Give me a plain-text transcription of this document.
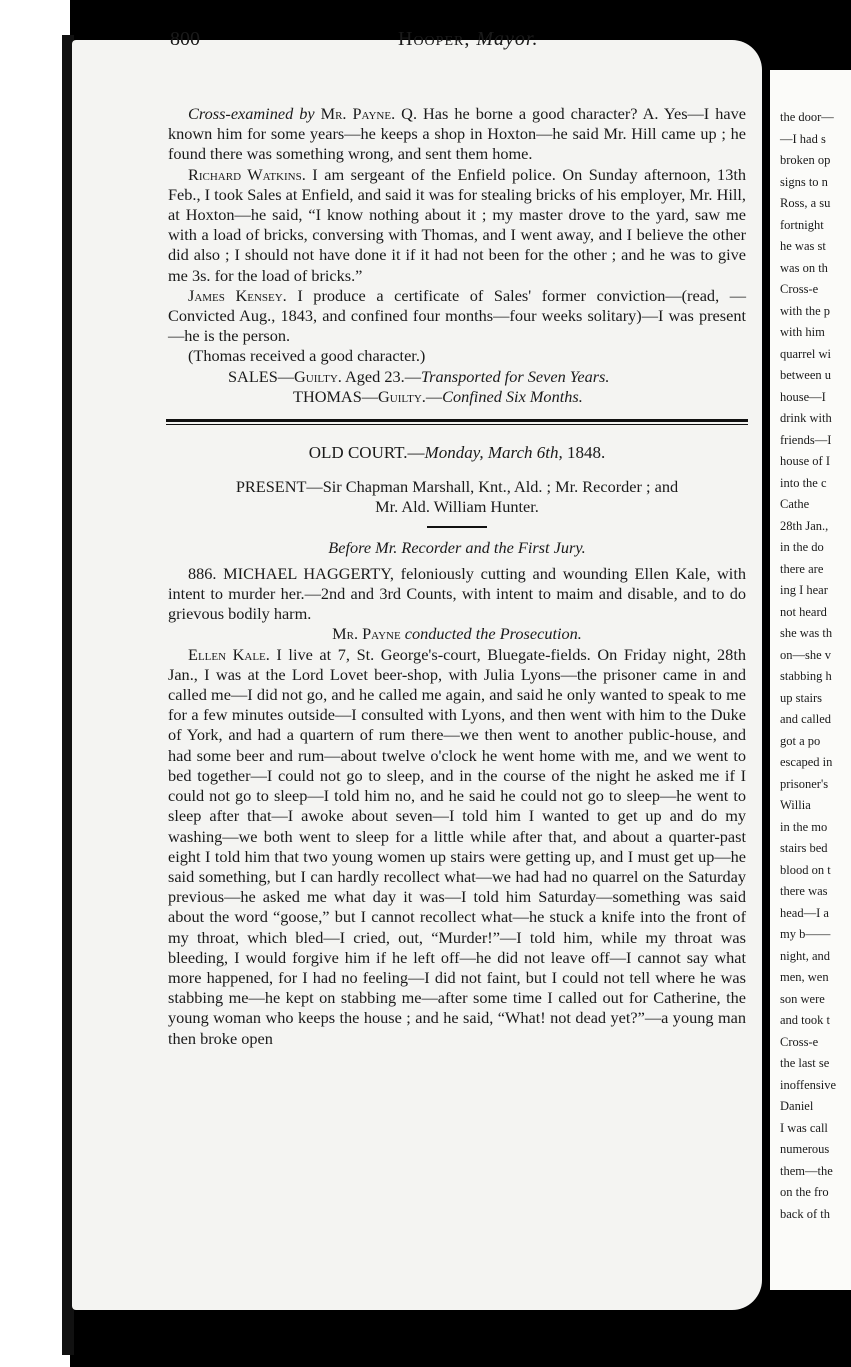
the door—
—I had s
broken op
signs to n
Ross, a su
fortnight
he was st
was on th
Cross-e
with the p
with him
quarrel wi
between u
house—I
drink with
friends—I
house of I
into the c
Cathe
28th Jan.,
in the do
there are
ing I hear
not heard
she was th
on—she v
stabbing h
up stairs
and called
got a po
escaped in
prisoner's
Willia
in the mo
stairs bed
blood on t
there was
head—I a
my b——
night, and
men, wen
son were
and took t
Cross-e
the last se
inoffensive
Daniel
I was call
numerous
them—the
on the fro
back of th
800	Hooper, Mayor.

Cross-examined by Mr. Payne. Q. Has he borne a good character? A. Yes—I have known him for some years—he keeps a shop in Hoxton—he said Mr. Hill came up ; he found there was something wrong, and sent them home.

Richard Watkins. I am sergeant of the Enfield police. On Sunday afternoon, 13th Feb., I took Sales at Enfield, and said it was for stealing bricks of his employer, Mr. Hill, at Hoxton—he said, “I know nothing about it ; my master drove to the yard, saw me with a load of bricks, conversing with Thomas, and I went away, and I believe the other did also ; I should not have done it if it had not been for the other ; and he was to give me 3s. for the load of bricks.”

James Kensey. I produce a certificate of Sales' former conviction—(read, —Convicted Aug., 1843, and confined four months—four weeks solitary)—I was present—he is the person.

(Thomas received a good character.)

SALES—Guilty. Aged 23.—Transported for Seven Years.

THOMAS—Guilty.—Confined Six Months.

OLD COURT.—Monday, March 6th, 1848.

PRESENT—Sir Chapman Marshall, Knt., Ald. ; Mr. Recorder ; and

Mr. Ald. William Hunter.

Before Mr. Recorder and the First Jury.

886. MICHAEL HAGGERTY, feloniously cutting and wounding Ellen Kale, with intent to murder her.—2nd and 3rd Counts, with intent to maim and disable, and to do grievous bodily harm.

Mr. Payne conducted the Prosecution.

Ellen Kale. I live at 7, St. George's-court, Bluegate-fields. On Friday night, 28th Jan., I was at the Lord Lovet beer-shop, with Julia Lyons—the prisoner came in and called me—I did not go, and he called me again, and said he only wanted to speak to me for a few minutes outside—I consulted with Lyons, and then went with him to the Duke of York, and had a quartern of rum there—we then went to another public-house, and had some beer and rum—about twelve o'clock he went home with me, and we went to bed together—I could not go to sleep, and in the course of the night he asked me if I could not go to sleep—I told him no, and he said he could not go to sleep—he went to sleep after that—I awoke about seven—I told him I wanted to get up and do my washing—we both went to sleep for a little while after that, and about a quarter-past eight I told him that two young women up stairs were getting up, and I must get up—he said something, but I can hardly recollect what—we had had no quarrel on the Saturday previous—he asked me what day it was—I told him Saturday—something was said about the word “goose,” but I cannot recollect what—he stuck a knife into the front of my throat, which bled—I cried, out, “Murder!”—I told him, while my throat was bleeding, I would forgive him if he left off—he did not leave off—I cannot say what more happened, for I had no feeling—I did not faint, but I could not tell where he was stabbing me—he kept on stabbing me—after some time I called out for Catherine, the young woman who keeps the house ; and he said, “What! not dead yet?”—a young man then broke open
